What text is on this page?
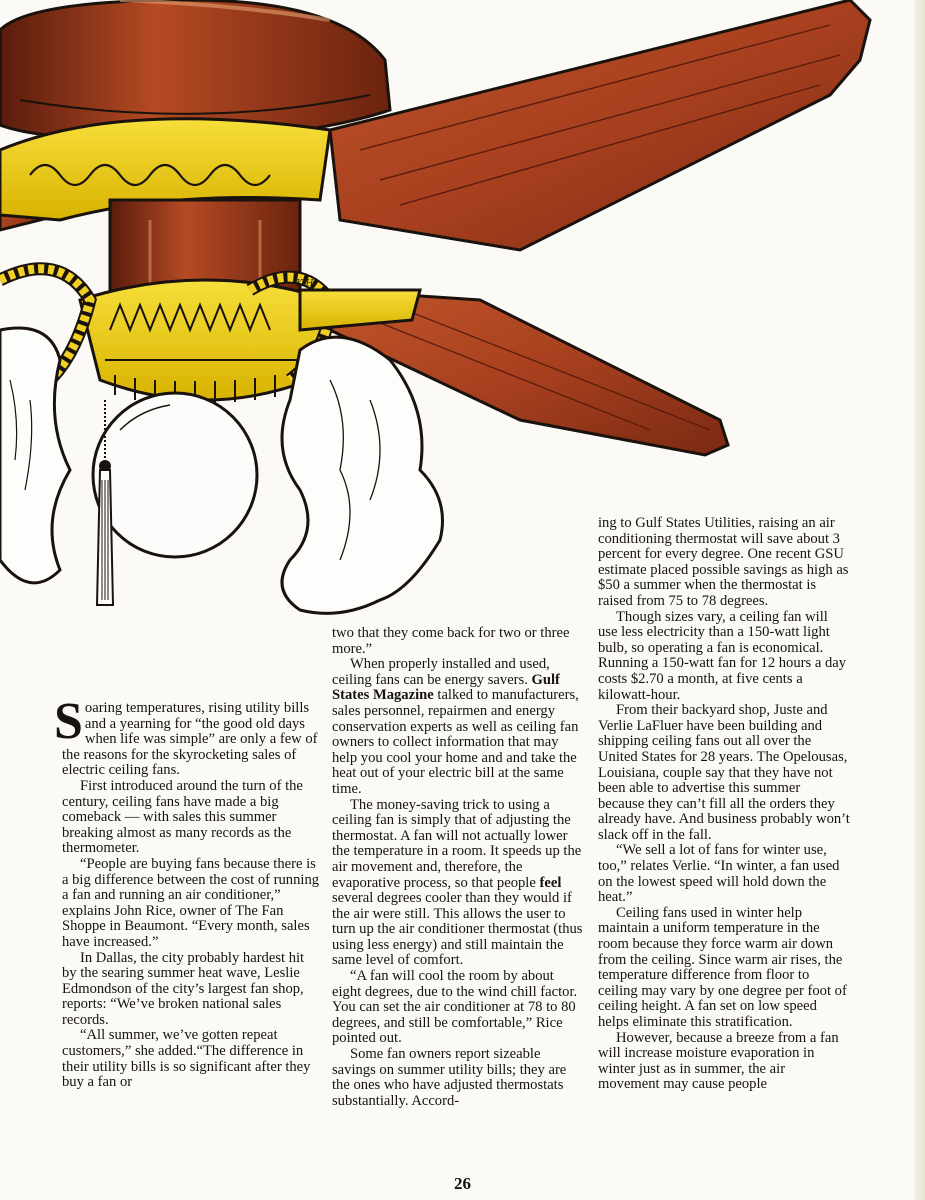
K.Hi

Soaring temperatures, rising utility bills and a yearning for “the good old days when life was simple” are only a few of the reasons for the skyrocketing sales of electric ceiling fans.

First introduced around the turn of the century, ceiling fans have made a big comeback — with sales this summer breaking almost as many records as the thermometer.

“People are buying fans because there is a big difference between the cost of running a fan and running an air conditioner,” explains John Rice, owner of The Fan Shoppe in Beaumont. “Every month, sales have increased.”

In Dallas, the city probably hardest hit by the searing summer heat wave, Leslie Edmondson of the city’s largest fan shop, reports: “We’ve broken national sales records.

“All summer, we’ve gotten repeat customers,” she added.“The difference in their utility bills is so significant after they buy a fan or

two that they come back for two or three more.”

When properly installed and used, ceiling fans can be energy savers. Gulf States Magazine talked to manufacturers, sales personnel, repairmen and energy conservation experts as well as ceiling fan owners to collect information that may help you cool your home and and take the heat out of your electric bill at the same time.

The money-saving trick to using a ceiling fan is simply that of adjusting the thermostat. A fan will not actually lower the temperature in a room. It speeds up the air movement and, therefore, the evaporative process, so that people feel several degrees cooler than they would if the air were still. This allows the user to turn up the air conditioner thermostat (thus using less energy) and still maintain the same level of comfort.

“A fan will cool the room by about eight degrees, due to the wind chill factor. You can set the air conditioner at 78 to 80 degrees, and still be comfortable,” Rice pointed out.

Some fan owners report sizeable savings on summer utility bills; they are the ones who have adjusted thermostats substantially. Accord-

ing to Gulf States Utilities, raising an air conditioning thermostat will save about 3 percent for every degree. One recent GSU estimate placed possible savings as high as $50 a summer when the thermostat is raised from 75 to 78 degrees.

Though sizes vary, a ceiling fan will use less electricity than a 150-watt light bulb, so operating a fan is economical. Running a 150-watt fan for 12 hours a day costs $2.70 a month, at five cents a kilowatt-hour.

From their backyard shop, Juste and Verlie LaFluer have been building and shipping ceiling fans out all over the United States for 28 years. The Opelousas, Louisiana, couple say that they have not been able to advertise this summer because they can’t fill all the orders they already have. And business probably won’t slack off in the fall.

“We sell a lot of fans for winter use, too,” relates Verlie. “In winter, a fan used on the lowest speed will hold down the heat.”

Ceiling fans used in winter help maintain a uniform temperature in the room because they force warm air down from the ceiling. Since warm air rises, the temperature difference from floor to ceiling may vary by one degree per foot of ceiling height. A fan set on low speed helps eliminate this stratification.

However, because a breeze from a fan will increase moisture evaporation in winter just as in summer, the air movement may cause people

26
